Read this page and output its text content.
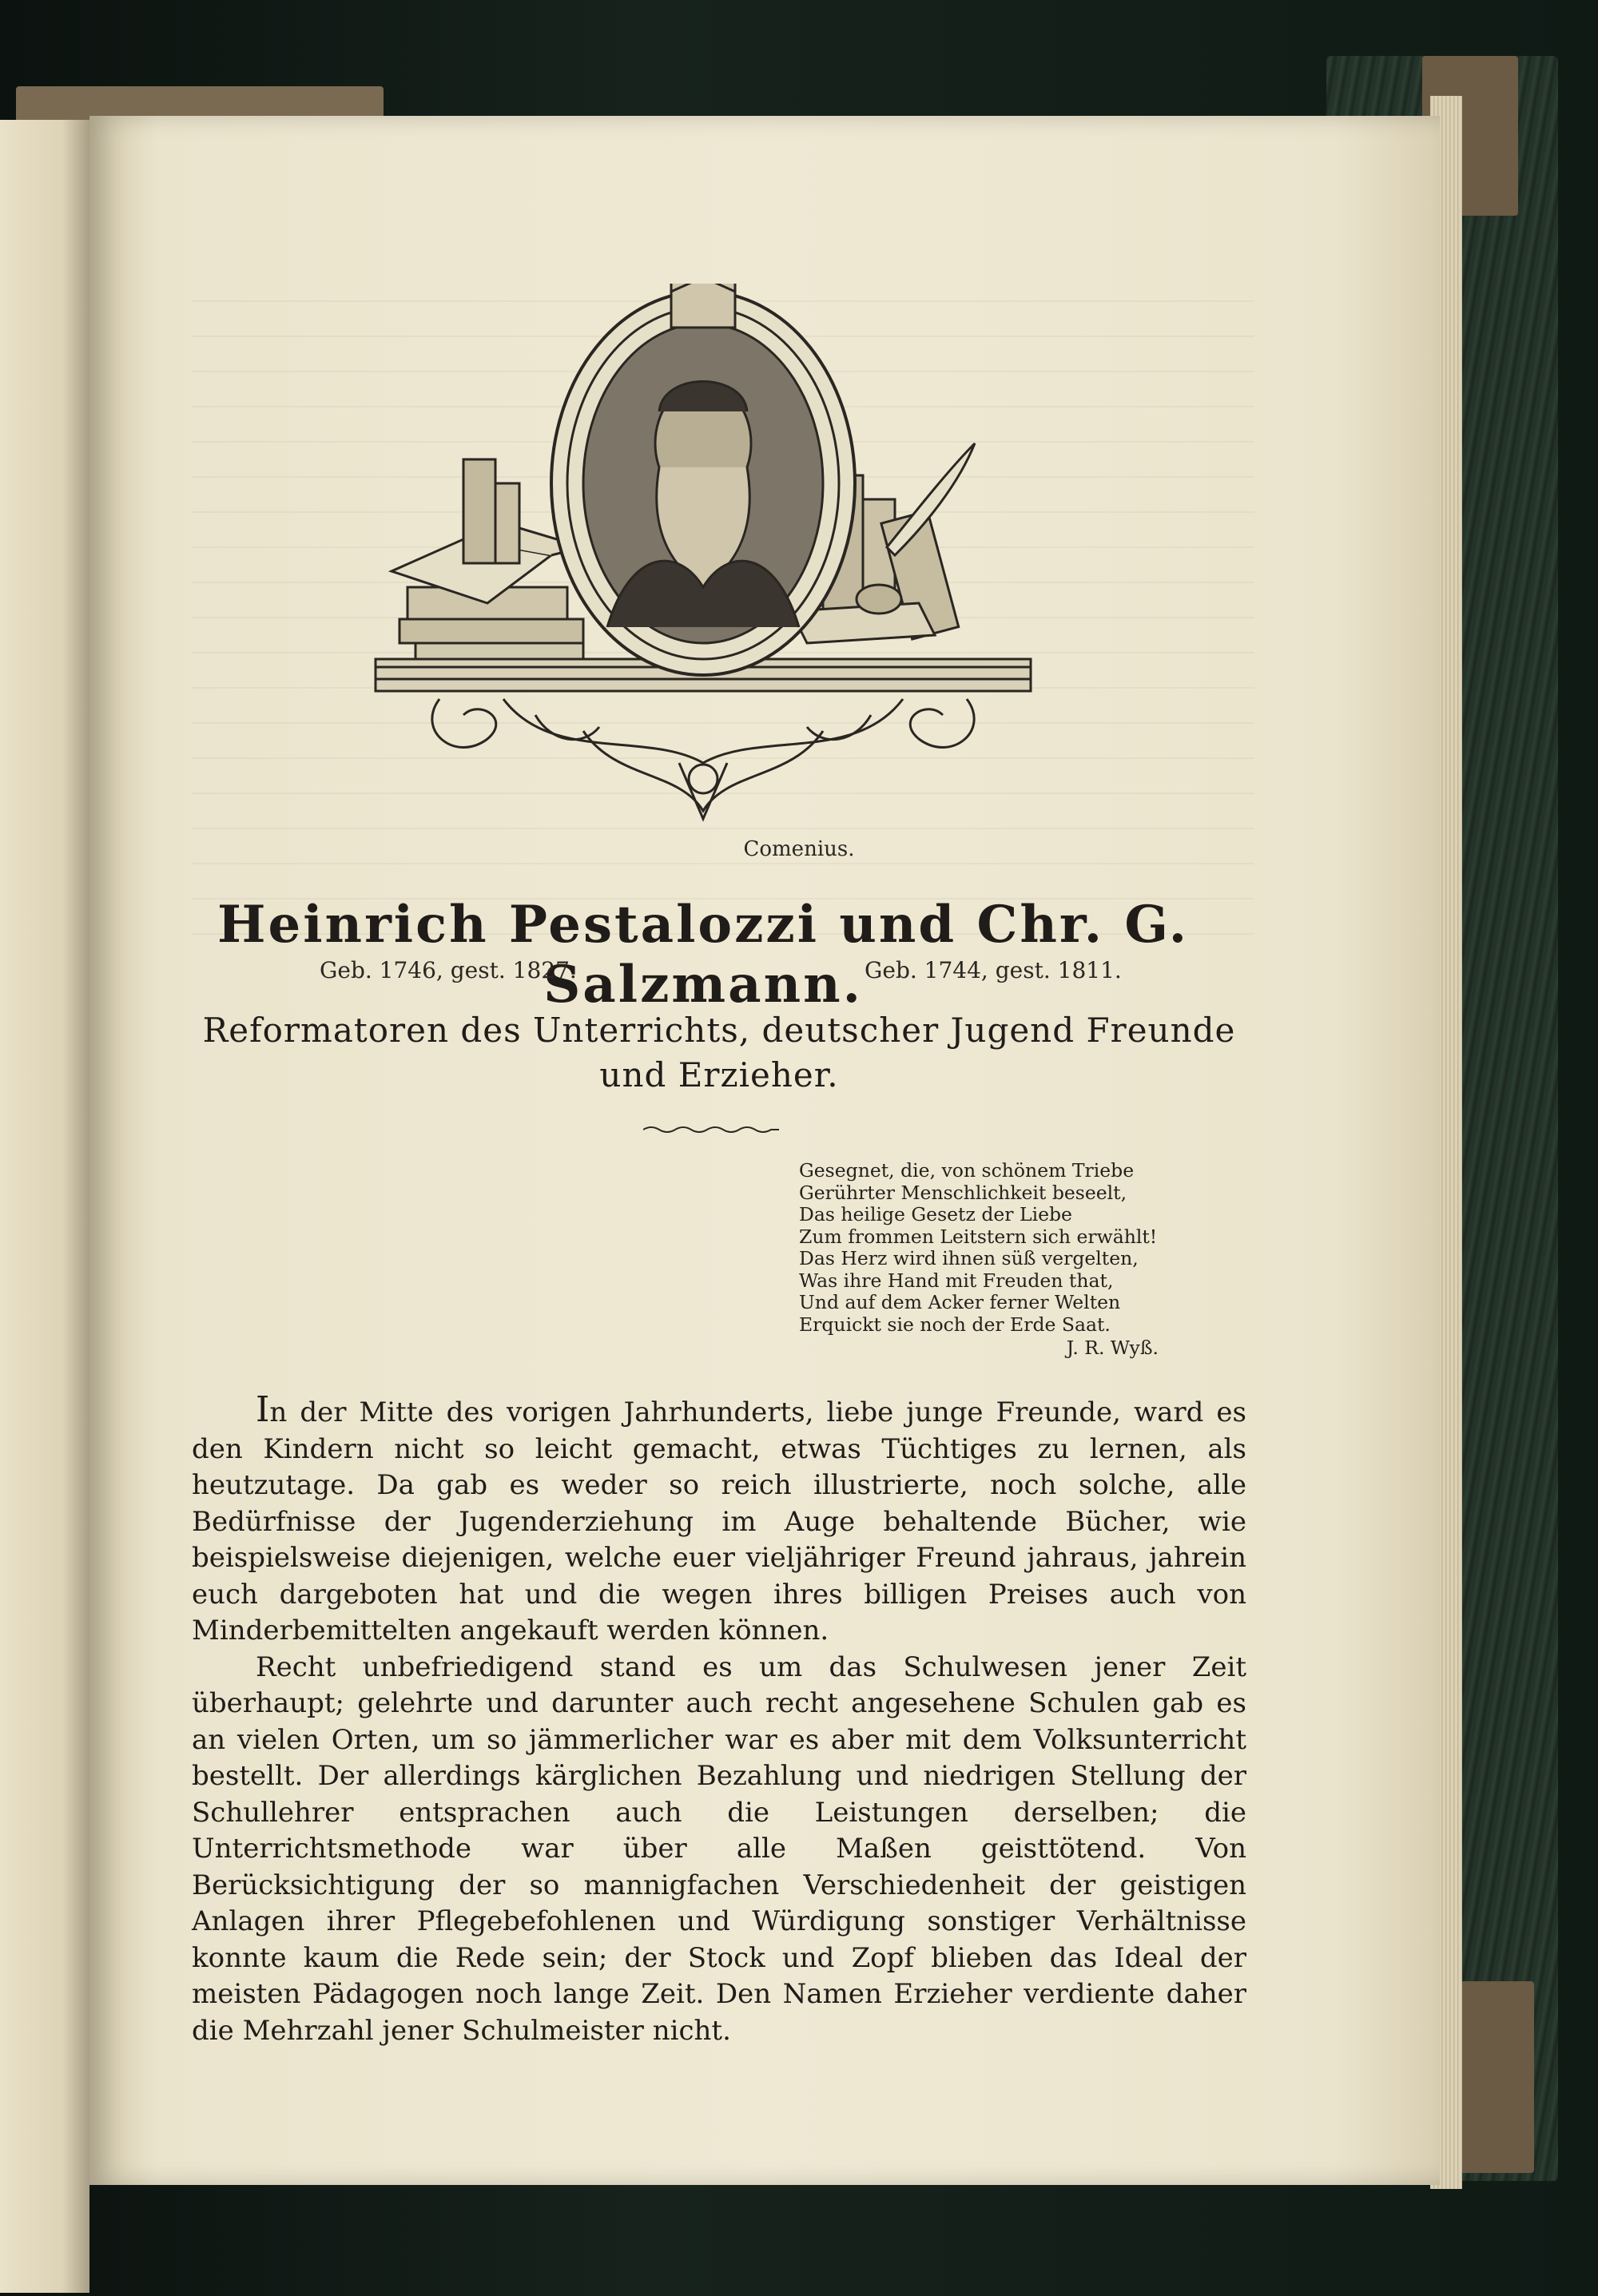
Comenius.
Heinrich Pestalozzi und Chr. G. Salzmann.
Geb. 1746, gest. 1827.	Geb. 1744, gest. 1811.
Reformatoren des Unterrichts, deutscher Jugend Freunde und Erzieher.
Gesegnet, die, von schönem Triebe
Gerührter Menschlichkeit beseelt,
Das heilige Gesetz der Liebe
Zum frommen Leitstern sich erwählt!
Das Herz wird ihnen süß vergelten,
Was ihre Hand mit Freuden that,
Und auf dem Acker ferner Welten
Erquickt sie noch der Erde Saat.
J. R. Wyß.

In der Mitte des vorigen Jahrhunderts, liebe junge Freunde, ward es den Kindern nicht so leicht gemacht, etwas Tüchtiges zu lernen, als heutzutage. Da gab es weder so reich illustrierte, noch solche, alle Bedürfnisse der Jugenderziehung im Auge behaltende Bücher, wie beispielsweise diejenigen, welche euer vieljähriger Freund jahraus, jahrein euch dargeboten hat und die wegen ihres billigen Preises auch von Minderbemittelten angekauft werden können.

Recht unbefriedigend stand es um das Schulwesen jener Zeit überhaupt; gelehrte und darunter auch recht angesehene Schulen gab es an vielen Orten, um so jämmerlicher war es aber mit dem Volksunterricht bestellt. Der allerdings kärglichen Bezahlung und niedrigen Stellung der Schullehrer entsprachen auch die Leistungen derselben; die Unterrichtsmethode war über alle Maßen geisttötend. Von Berücksichtigung der so mannigfachen Verschiedenheit der geistigen Anlagen ihrer Pflegebefohlenen und Würdigung sonstiger Verhältnisse konnte kaum die Rede sein; der Stock und Zopf blieben das Ideal der meisten Pädagogen noch lange Zeit. Den Namen Erzieher verdiente daher die Mehrzahl jener Schulmeister nicht.
